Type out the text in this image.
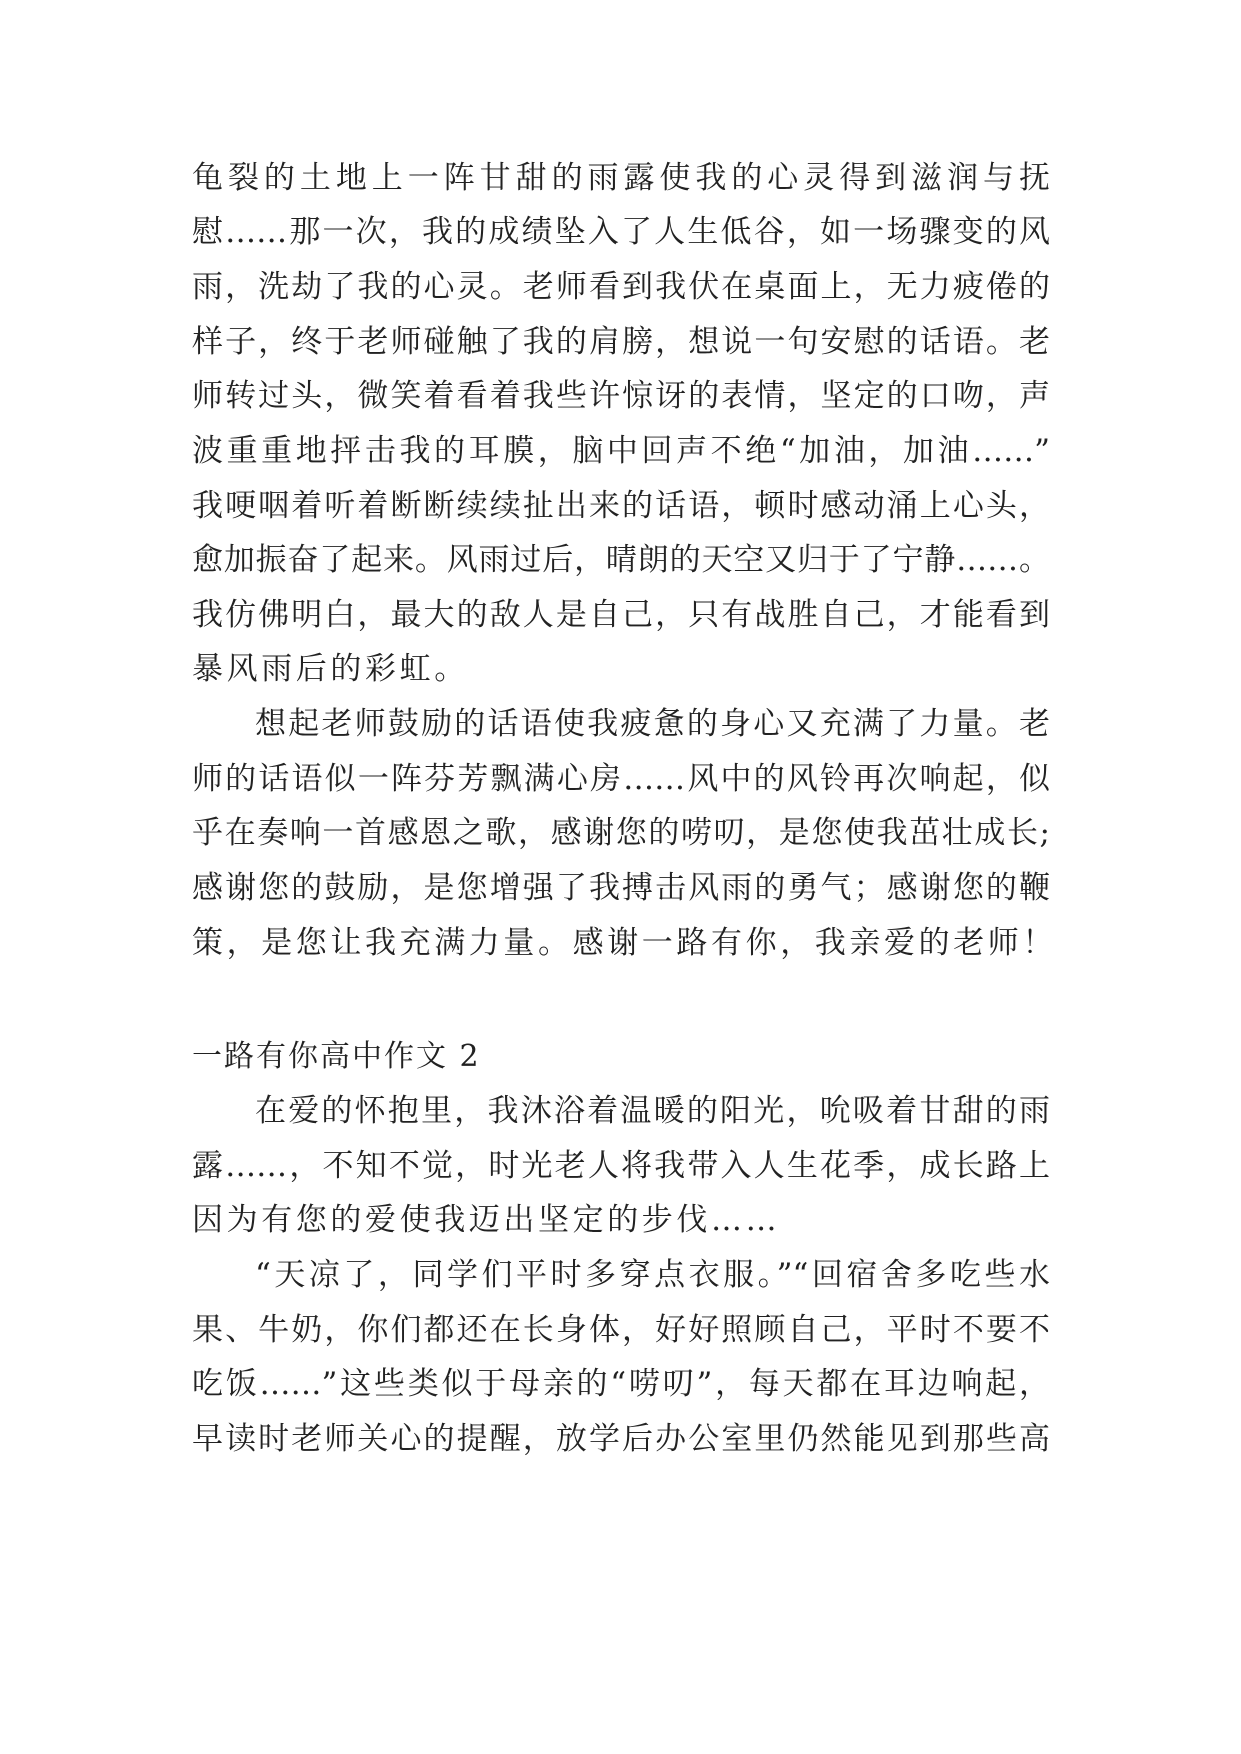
龟裂的土地上一阵甘甜的雨露使我的心灵得到滋润与抚
慰……那一次，我的成绩坠入了人生低谷，如一场骤变的风
雨，洗劫了我的心灵。老师看到我伏在桌面上，无力疲倦的
样子，终于老师碰触了我的肩膀，想说一句安慰的话语。老
师转过头，微笑着看着我些许惊讶的表情，坚定的口吻，声
波重重地抨击我的耳膜，脑中回声不绝“加油，加油……”
我哽咽着听着断断续续扯出来的话语，顿时感动涌上心头，
愈加振奋了起来。风雨过后，晴朗的天空又归于了宁静……。
我仿佛明白，最大的敌人是自己，只有战胜自己，才能看到
暴风雨后的彩虹。
想起老师鼓励的话语使我疲惫的身心又充满了力量。老
师的话语似一阵芬芳飘满心房……风中的风铃再次响起，似
乎在奏响一首感恩之歌，感谢您的唠叨，是您使我茁壮成长;
感谢您的鼓励，是您增强了我搏击风雨的勇气；感谢您的鞭
策，是您让我充满力量。感谢一路有你，我亲爱的老师！
一路有你高中作文 2
在爱的怀抱里，我沐浴着温暖的阳光，吮吸着甘甜的雨
露……，不知不觉，时光老人将我带入人生花季，成长路上
因为有您的爱使我迈出坚定的步伐……
“天凉了，同学们平时多穿点衣服。”“回宿舍多吃些水
果、牛奶，你们都还在长身体，好好照顾自己，平时不要不
吃饭……”这些类似于母亲的“唠叨”，每天都在耳边响起，
早读时老师关心的提醒，放学后办公室里仍然能见到那些高
